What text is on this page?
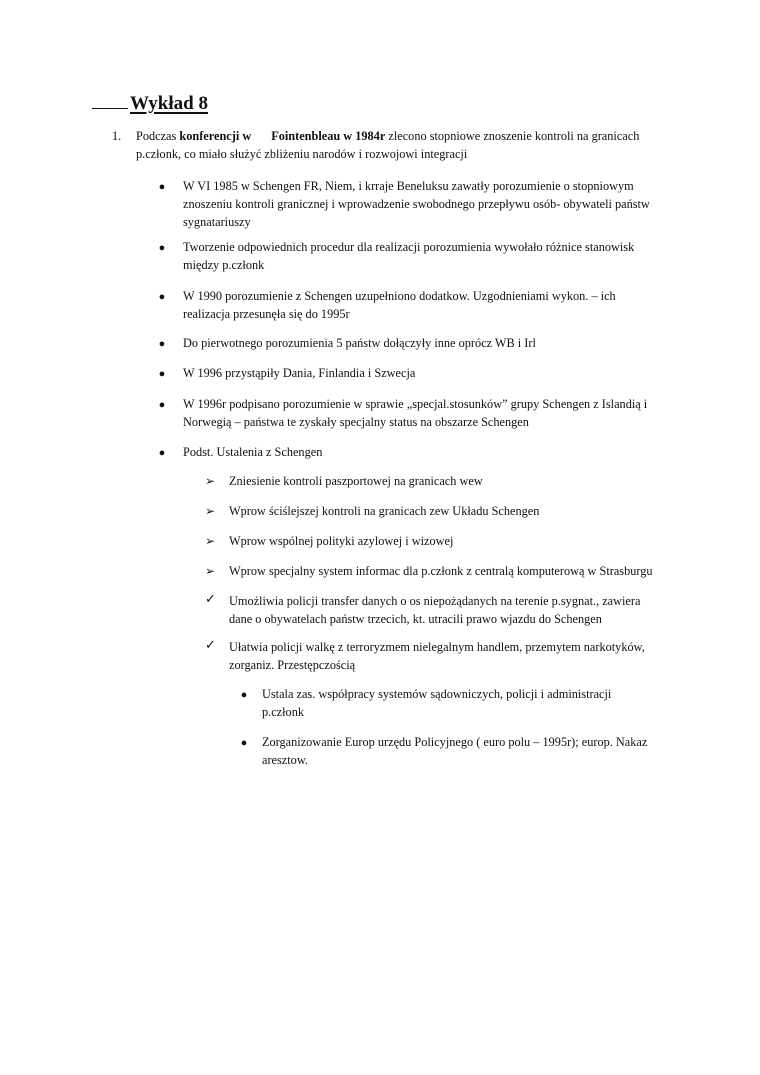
Wykład 8
1.	Podczas konferencji w Fointenbleau w 1984r zlecono stopniowe znoszenie kontroli na granicach
p.członk, co miało służyć zbliżeniu narodów i rozwojowi integracji
● W VI 1985 w Schengen FR, Niem, i krraje Beneluksu zawatły porozumienie o stopniowym
znoszeniu kontroli granicznej i wprowadzenie swobodnego przepływu osób- obywateli państw
sygnatariuszy
● Tworzenie odpowiednich procedur dla realizacji porozumienia wywołało różnice stanowisk
między p.członk
● W 1990 porozumienie z Schengen uzupełniono dodatkow. Uzgodnieniami wykon. – ich
realizacja przesunęła się do 1995r
● Do pierwotnego porozumienia 5 państw dołączyły inne oprócz WB i Irl
● W 1996 przystąpiły Dania, Finlandia i Szwecja
● W 1996r podpisano porozumienie w sprawie „specjal.stosunków” grupy Schengen z Islandią i
Norwegią – państwa te zyskały specjalny status na obszarze Schengen
● Podst. Ustalenia z Schengen
➢	Zniesienie kontroli paszportowej na granicach wew
➢	Wprow ściślejszej kontroli na granicach zew Układu Schengen
➢	Wprow wspólnej polityki azylowej i wizowej
➢	Wprow specjalny system informac dla p.członk z centralą komputerową w Strasburgu
✓ Umożliwia policji transfer danych o os niepożądanych na terenie p.sygnat., zawiera
dane o obywatelach państw trzecich, kt. utracili prawo wjazdu do Schengen
✓ Ułatwia policji walkę z terroryzmem nielegalnym handlem, przemytem narkotyków,
zorganiz. Przestępczością
● Ustala zas. współpracy systemów sądowniczych, policji i administracji
p.członk
● Zorganizowanie Europ urzędu Policyjnego ( euro polu – 1995r); europ. Nakaz
aresztow.
